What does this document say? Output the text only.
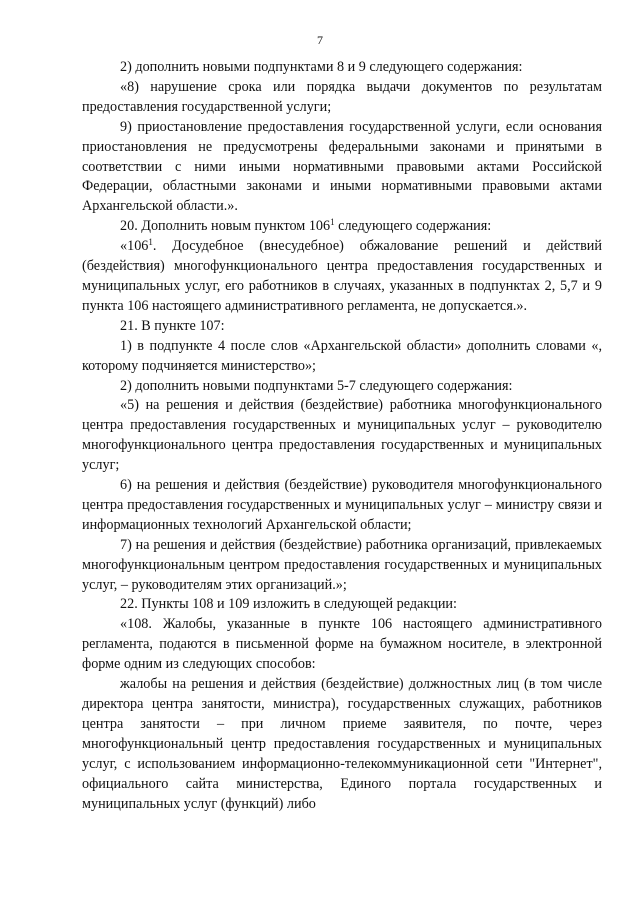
7

2) дополнить новыми подпунктами 8 и 9 следующего содержания:

«8) нарушение срока или порядка выдачи документов по результатам предоставления государственной услуги;

9) приостановление предоставления государственной услуги, если основания приостановления не предусмотрены федеральными законами и принятыми в соответствии с ними иными нормативными правовыми актами Российской Федерации, областными законами и иными нормативными правовыми актами Архангельской области.».

20. Дополнить новым пунктом $106^1$ следующего содержания:

«$106^1$. Досудебное (внесудебное) обжалование решений и действий (бездействия) многофункционального центра предоставления государственных и муниципальных услуг, его работников в случаях, указанных в подпунктах 2, 5,7 и 9 пункта 106 настоящего административного регламента, не допускается.».

21. В пункте 107:

1) в подпункте 4 после слов «Архангельской области» дополнить словами «, которому подчиняется министерство»;

2) дополнить новыми подпунктами 5-7 следующего содержания:

«5) на решения и действия (бездействие) работника многофункционального центра предоставления государственных и муниципальных услуг – руководителю многофункционального центра предоставления государственных и муниципальных услуг;

6) на решения и действия (бездействие) руководителя многофункционального центра предоставления государственных и муниципальных услуг – министру связи и информационных технологий Архангельской области;

7) на решения и действия (бездействие) работника организаций, привлекаемых многофункциональным центром предоставления государственных и муниципальных услуг, – руководителям этих организаций.»;

22. Пункты 108 и 109 изложить в следующей редакции:

«108. Жалобы, указанные в пункте 106 настоящего административного регламента, подаются в письменной форме на бумажном носителе, в электронной форме одним из следующих способов:

жалобы на решения и действия (бездействие) должностных лиц (в том числе директора центра занятости, министра), государственных служащих, работников центра занятости – при личном приеме заявителя, по почте, через многофункциональный центр предоставления государственных и муниципальных услуг, с использованием информационно-телекоммуникационной сети "Интернет", официального сайта министерства, Единого портала государственных и муниципальных услуг (функций) либо
